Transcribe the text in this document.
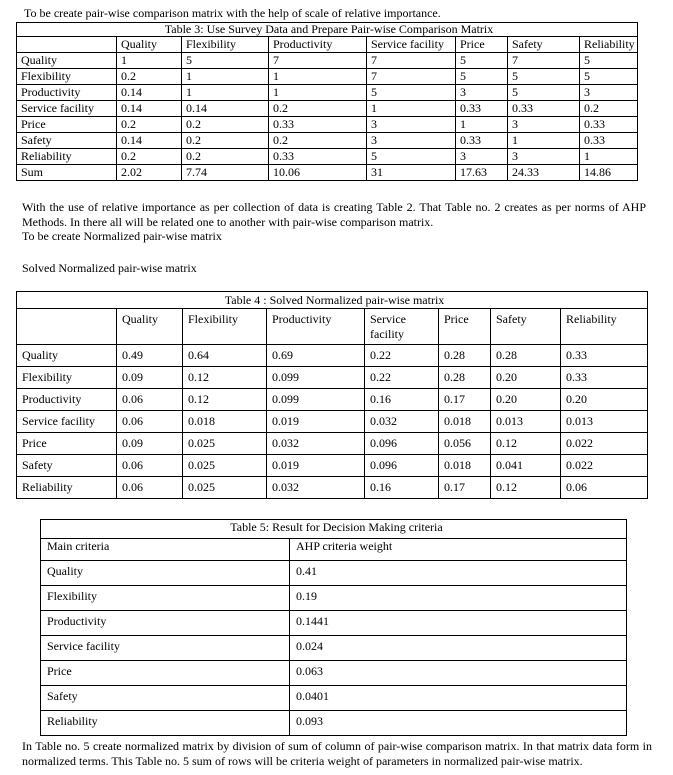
To be create pair-wise comparison matrix with the help of scale of relative importance.
Table 3: Use Survey Data and Prepare Pair-wise Comparison Matrix							
	Quality	Flexibility	Productivity	Service facility	Price	Safety	Reliability
Quality	1	5	7	7	5	7	5
Flexibility	0.2	1	1	7	5	5	5
Productivity	0.14	1	1	5	3	5	3
Service facility	0.14	0.14	0.2	1	0.33	0.33	0.2
Price	0.2	0.2	0.33	3	1	3	0.33
Safety	0.14	0.2	0.2	3	0.33	1	0.33
Reliability	0.2	0.2	0.33	5	3	3	1
Sum	2.02	7.74	10.06	31	17.63	24.33	14.86
With the use of relative importance as per collection of data is creating Table 2. That Table no. 2 creates as per norms of AHP Methods. In there all will be related one to another with pair-wise comparison matrix.
To be create Normalized pair-wise matrix
Solved Normalized pair-wise matrix
Table 4 : Solved Normalized pair-wise matrix							
	Quality	Flexibility	Productivity	Service facility	Price	Safety	Reliability
Quality	0.49	0.64	0.69	0.22	0.28	0.28	0.33
Flexibility	0.09	0.12	0.099	0.22	0.28	0.20	0.33
Productivity	0.06	0.12	0.099	0.16	0.17	0.20	0.20
Service facility	0.06	0.018	0.019	0.032	0.018	0.013	0.013
Price	0.09	0.025	0.032	0.096	0.056	0.12	0.022
Safety	0.06	0.025	0.019	0.096	0.018	0.041	0.022
Reliability	0.06	0.025	0.032	0.16	0.17	0.12	0.06
Table 5: Result for Decision Making criteria	
Main criteria	AHP criteria weight
Quality	0.41
Flexibility	0.19
Productivity	0.1441
Service facility	0.024
Price	0.063
Safety	0.0401
Reliability	0.093
In Table no. 5 create normalized matrix by division of sum of column of pair-wise comparison matrix. In that matrix data form in normalized terms. This Table no. 5 sum of rows will be criteria weight of parameters in normalized pair-wise matrix.
